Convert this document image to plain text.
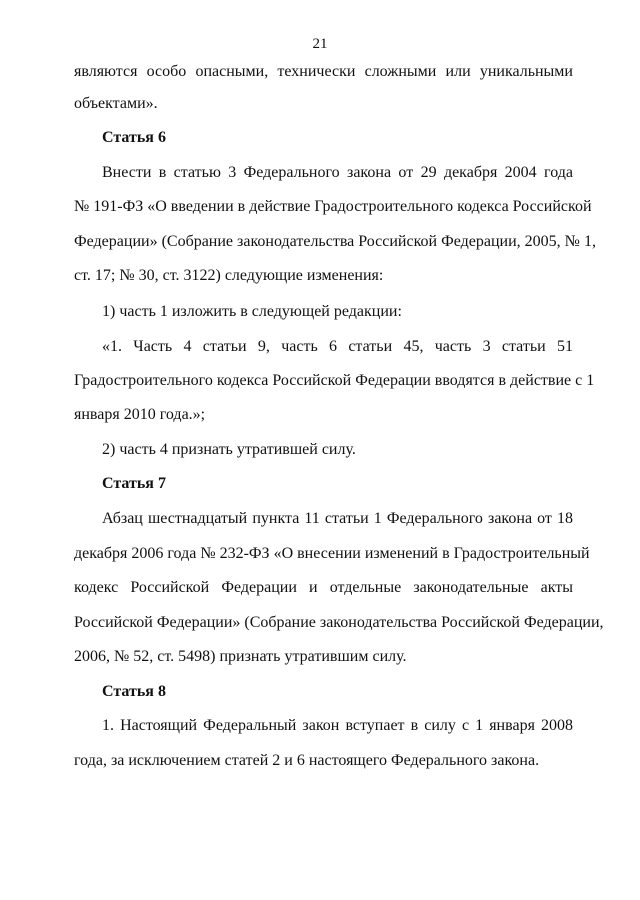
21
являются особо опасными, технически сложными или уникальными
объектами».
Статья 6
Внести в статью 3 Федерального закона от 29 декабря 2004 года
№ 191-ФЗ «О введении в действие Градостроительного кодекса Российской
Федерации» (Собрание законодательства Российской Федерации, 2005, № 1,
ст. 17; № 30, ст. 3122) следующие изменения:
1) часть 1 изложить в следующей редакции:
«1. Часть 4 статьи 9, часть 6 статьи 45, часть 3 статьи 51
Градостроительного кодекса Российской Федерации вводятся в действие с 1
января 2010 года.»;
2) часть 4 признать утратившей силу.
Статья 7
Абзац шестнадцатый пункта 11 статьи 1 Федерального закона от 18
декабря 2006 года № 232-ФЗ «О внесении изменений в Градостроительный
кодекс Российской Федерации и отдельные законодательные акты
Российской Федерации» (Собрание законодательства Российской Федерации,
2006, № 52, ст. 5498) признать утратившим силу.
Статья 8
1. Настоящий Федеральный закон вступает в силу с 1 января 2008
года, за исключением статей 2 и 6 настоящего Федерального закона.
